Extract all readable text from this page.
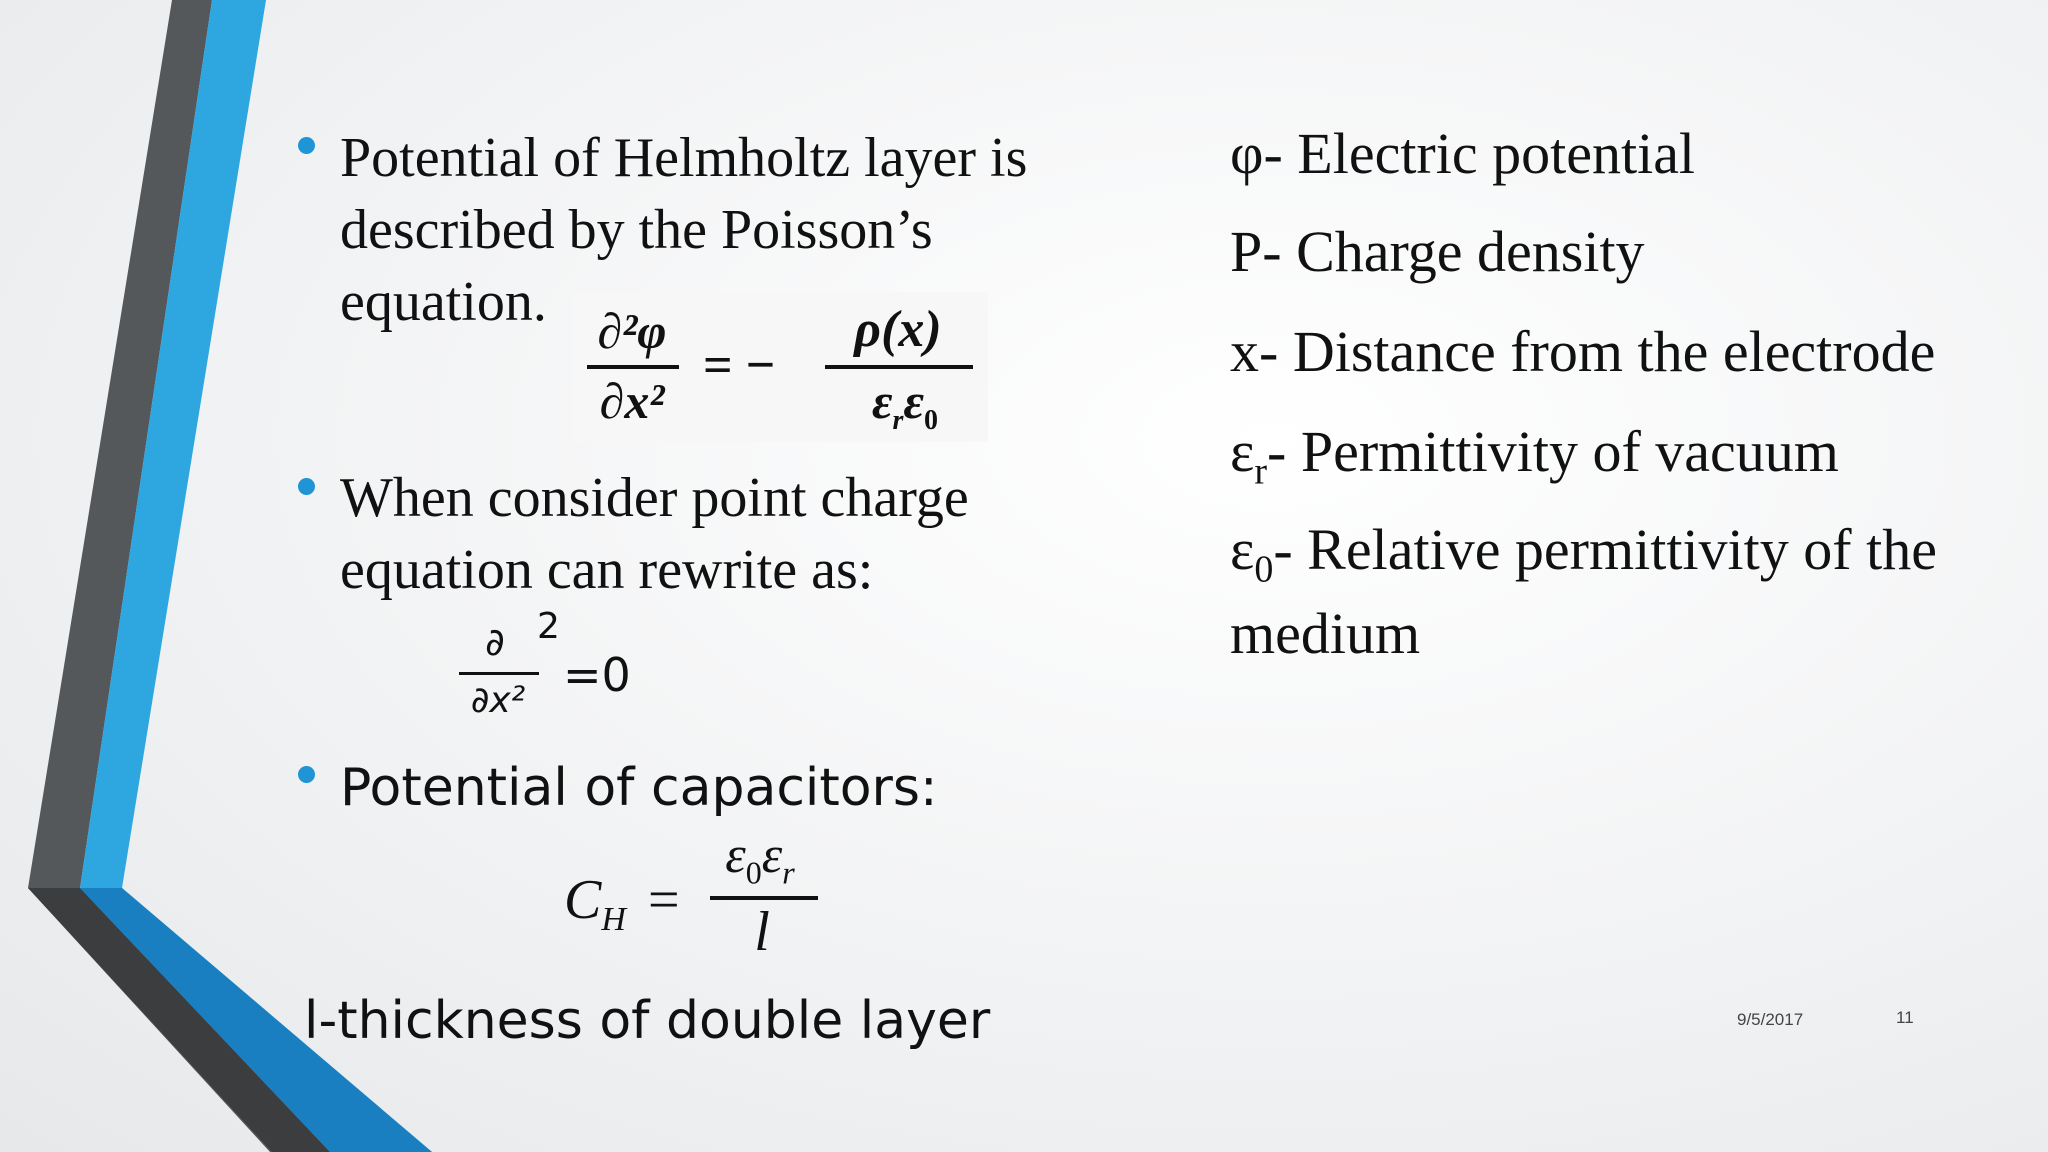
Potential of Helmholtz layer is
described by the Poisson’s
equation.	∂²φ
∂x²
= −
ρ(x)
$\varepsilon_r\varepsilon_0$
When consider point charge
equation can rewrite as:
∂ 2
∂x² =0
Potential of capacitors:
$C_H$ =
$\varepsilon_0\varepsilon_r$
l
l-thickness of double layer
φ- Electric potential
P- Charge density
x- Distance from the electrode
$\varepsilon_r-$ Permittivity of vacuum
$\varepsilon_0-$ Relative permittivity of the
medium
9/5/2017	11
